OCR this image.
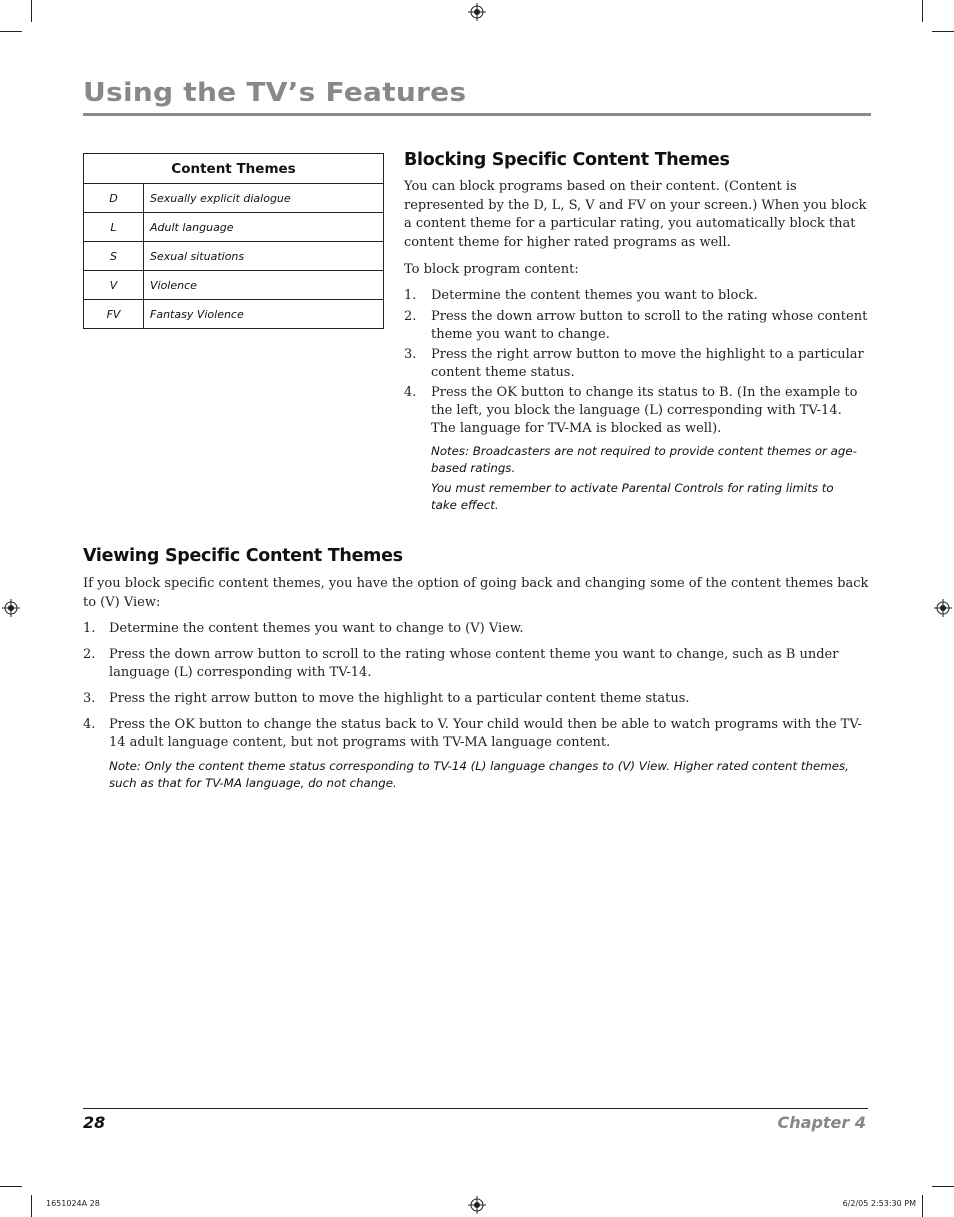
Using the TV’s Features
Content Themes	
D	Sexually explicit dialogue
L	Adult language
S	Sexual situations
V	Violence
FV	Fantasy Violence
Blocking Specific Content Themes

You can block programs based on their content. (Content is represented by the D, L, S, V and FV on your screen.) When you block a content theme for a particular rating, you automatically block that content theme for higher rated programs as well.

To block program content:

1. Determine the content themes you want to block.
2. Press the down arrow button to scroll to the rating whose content theme you want to change.
3. Press the right arrow button to move the highlight to a particular content theme status.
4. Press the OK button to change its status to B. (In the example to the left, you block the language (L) corresponding with TV-14. The language for TV-MA is blocked as well).

Notes: Broadcasters are not required to provide content themes or age-based ratings.

You must remember to activate Parental Controls for rating limits to take effect.

Viewing Specific Content Themes

If you block specific content themes, you have the option of going back and changing some of the content themes back to (V) View:

1. Determine the content themes you want to change to (V) View.
2. Press the down arrow button to scroll to the rating whose content theme you want to change, such as B under language (L) corresponding with TV-14.
3. Press the right arrow button to move the highlight to a particular content theme status.
4. Press the OK button to change the status back to V. Your child would then be able to watch programs with the TV-14 adult language content, but not programs with TV-MA language content.

Note: Only the content theme status corresponding to TV-14 (L) language changes to (V) View. Higher rated content themes, such as that for TV-MA language, do not change.

28	Chapter 4
1651024A 28	6/2/05 2:53:30 PM
